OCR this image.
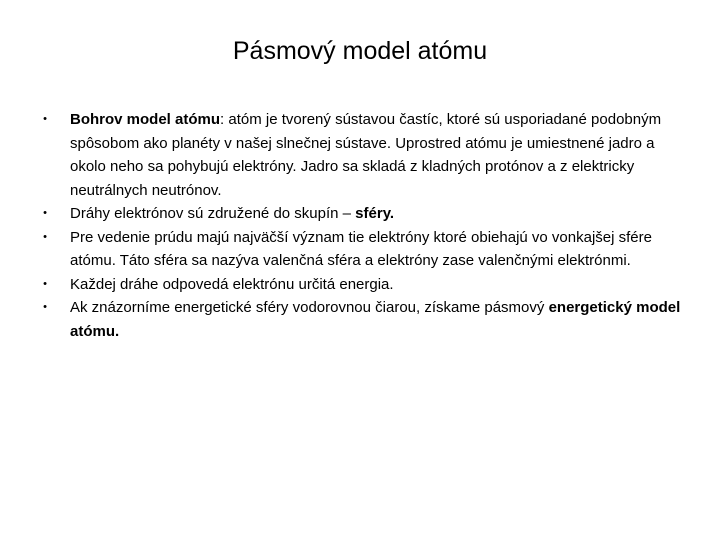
Pásmový model atómu
• Bohrov model atómu: atóm je tvorený sústavou častíc, ktoré sú usporiadané podobným spôsobom ako planéty v našej slnečnej sústave. Uprostred atómu je umiestnené jadro a okolo neho sa pohybujú elektróny. Jadro sa skladá z kladných protónov a z elektricky neutrálnych neutrónov.
• Dráhy elektrónov sú združené do skupín – sféry.
• Pre vedenie prúdu majú najväčší význam tie elektróny ktoré obiehajú vo vonkajšej sfére atómu. Táto sféra sa nazýva valenčná sféra a elektróny zase valenčnými elektrónmi.
• Každej dráhe odpovedá elektrónu určitá energia.
• Ak znázorníme energetické sféry vodorovnou čiarou, získame pásmový energetický model atómu.
